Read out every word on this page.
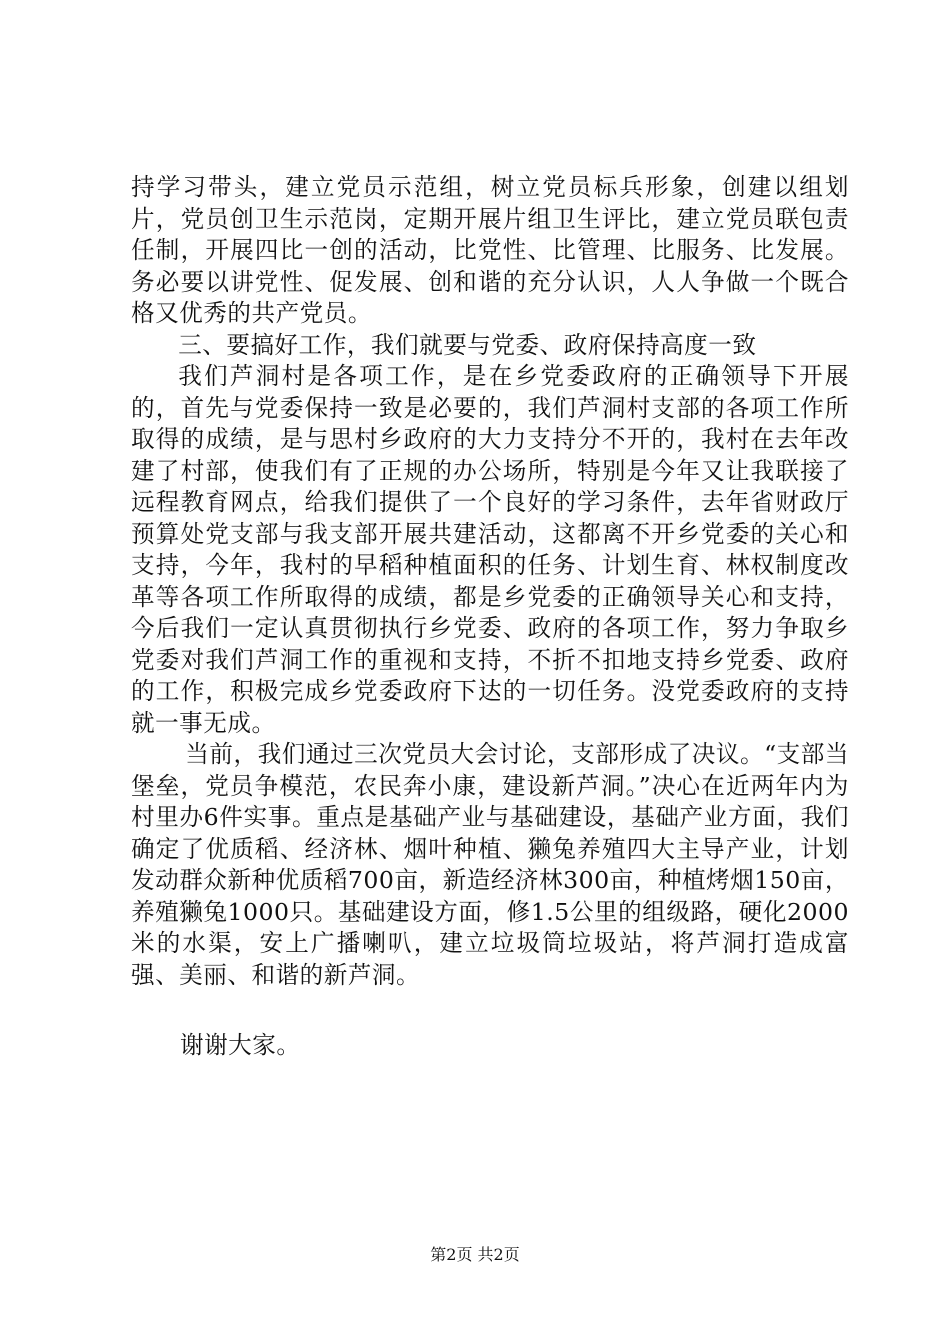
持学习带头，建立党员示范组，树立党员标兵形象，创建以组划片，党员创卫生示范岗，定期开展片组卫生评比，建立党员联包责任制，开展四比一创的活动，比党性、比管理、比服务、比发展。务必要以讲党性、促发展、创和谐的充分认识，人人争做一个既合格又优秀的共产党员。

三、要搞好工作，我们就要与党委、政府保持高度一致

我们芦洞村是各项工作，是在乡党委政府的正确领导下开展的，首先与党委保持一致是必要的，我们芦洞村支部的各项工作所取得的成绩，是与思村乡政府的大力支持分不开的，我村在去年改建了村部，使我们有了正规的办公场所，特别是今年又让我联接了远程教育网点，给我们提供了一个良好的学习条件，去年省财政厅预算处党支部与我支部开展共建活动，这都离不开乡党委的关心和支持，今年，我村的早稻种植面积的任务、计划生育、林权制度改革等各项工作所取得的成绩，都是乡党委的正确领导关心和支持，今后我们一定认真贯彻执行乡党委、政府的各项工作，努力争取乡党委对我们芦洞工作的重视和支持，不折不扣地支持乡党委、政府的工作，积极完成乡党委政府下达的一切任务。没党委政府的支持就一事无成。

当前，我们通过三次党员大会讨论，支部形成了决议。“支部当堡垒，党员争模范，农民奔小康，建设新芦洞。”决心在近两年内为村里办6件实事。重点是基础产业与基础建设，基础产业方面，我们确定了优质稻、经济林、烟叶种植、獭兔养殖四大主导产业，计划发动群众新种优质稻700亩，新造经济林300亩，种植烤烟150亩，养殖獭兔1000只。基础建设方面，修1.5公里的组级路，硬化2000米的水渠，安上广播喇叭，建立垃圾筒垃圾站，将芦洞打造成富强、美丽、和谐的新芦洞。

谢谢大家。
第2页 共2页
